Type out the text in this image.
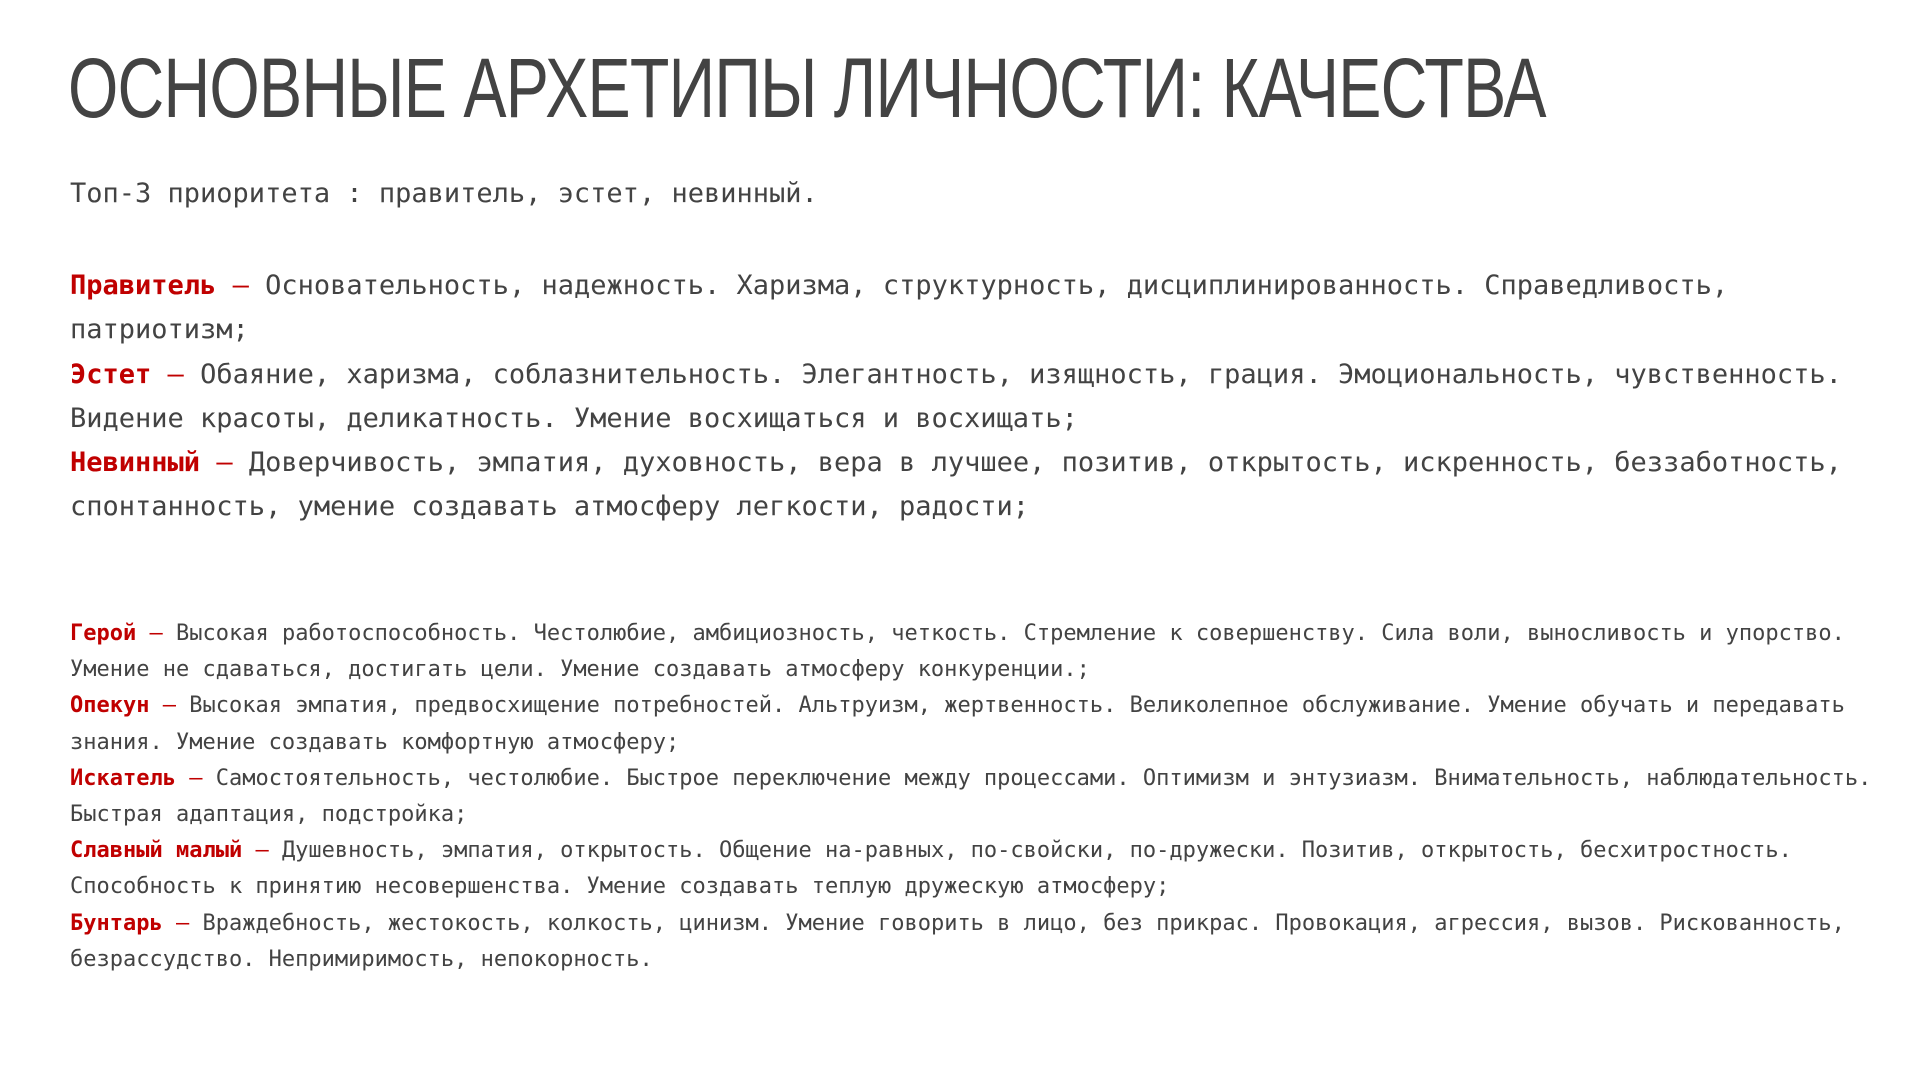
ОСНОВНЫЕ АРХЕТИПЫ ЛИЧНОСТИ: КАЧЕСТВА

Топ-3 приоритета : правитель, эстет, невинный.

Правитель – Основательность, надежность. Харизма, структурность, дисциплинированность. Справедливость, патриотизм;

Эстет – Обаяние, харизма, соблазнительность. Элегантность, изящность, грация. Эмоциональность, чувственность. Видение красоты, деликатность. Умение восхищаться и восхищать;

Невинный – Доверчивость, эмпатия, духовность, вера в лучшее, позитив, открытость, искренность, беззаботность, спонтанность, умение создавать атмосферу легкости, радости;

Герой – Высокая работоспособность. Честолюбие, амбициозность, четкость. Стремление к совершенству. Сила воли, выносливость и упорство. Умение не сдаваться, достигать цели. Умение создавать атмосферу конкуренции.;

Опекун – Высокая эмпатия, предвосхищение потребностей. Альтруизм, жертвенность. Великолепное обслуживание. Умение обучать и передавать знания. Умение создавать комфортную атмосферу;

Искатель – Самостоятельность, честолюбие. Быстрое переключение между процессами. Оптимизм и энтузиазм. Внимательность, наблюдательность. Быстрая адаптация, подстройка;

Славный малый – Душевность, эмпатия, открытость. Общение на-равных, по-свойски, по-дружески. Позитив, открытость, бесхитростность. Способность к принятию несовершенства. Умение создавать теплую дружескую атмосферу;

Бунтарь – Враждебность, жестокость, колкость, цинизм. Умение говорить в лицо, без прикрас. Провокация, агрессия, вызов. Рискованность, безрассудство. Непримиримость, непокорность.
